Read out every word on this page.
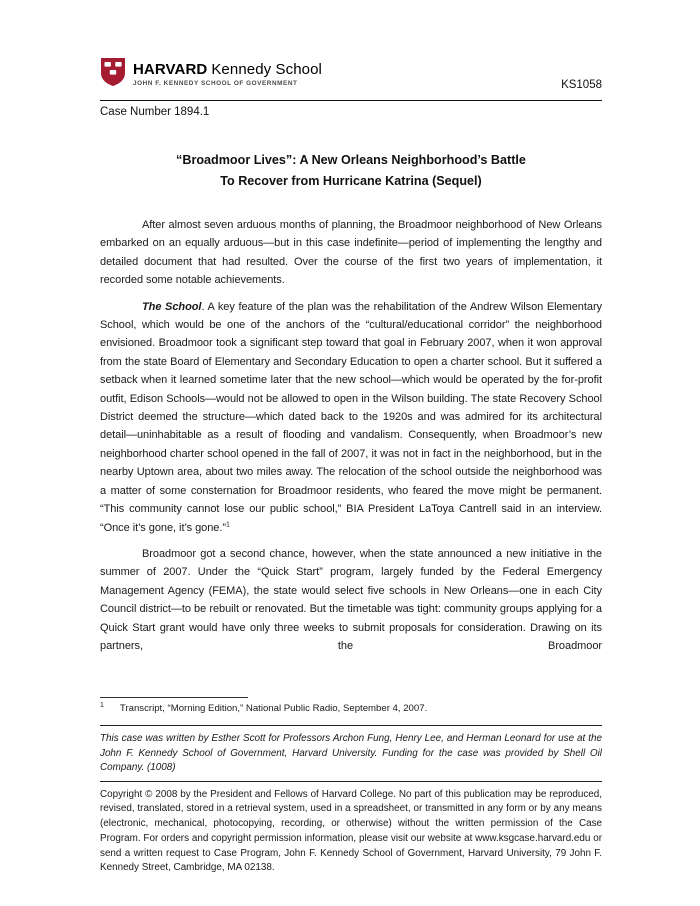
HARVARD Kennedy School
JOHN F. KENNEDY SCHOOL OF GOVERNMENT	KS1058
Case Number 1894.1
“Broadmoor Lives”: A New Orleans Neighborhood’s Battle
To Recover from Hurricane Katrina (Sequel)

After almost seven arduous months of planning, the Broadmoor neighborhood of New Orleans embarked on an equally arduous—but in this case indefinite—period of implementing the lengthy and detailed document that had resulted. Over the course of the first two years of implementation, it recorded some notable achievements.

The School. A key feature of the plan was the rehabilitation of the Andrew Wilson Elementary School, which would be one of the anchors of the “cultural/educational corridor” the neighborhood envisioned. Broadmoor took a significant step toward that goal in February 2007, when it won approval from the state Board of Elementary and Secondary Education to open a charter school. But it suffered a setback when it learned sometime later that the new school—which would be operated by the for-profit outfit, Edison Schools—would not be allowed to open in the Wilson building. The state Recovery School District deemed the structure—which dated back to the 1920s and was admired for its architectural detail—uninhabitable as a result of flooding and vandalism. Consequently, when Broadmoor’s new neighborhood charter school opened in the fall of 2007, it was not in fact in the neighborhood, but in the nearby Uptown area, about two miles away. The relocation of the school outside the neighborhood was a matter of some consternation for Broadmoor residents, who feared the move might be permanent. “This community cannot lose our public school,” BIA President LaToya Cantrell said in an interview. “Once it’s gone, it’s gone.”$^1$

Broadmoor got a second chance, however, when the state announced a new initiative in the summer of 2007. Under the “Quick Start” program, largely funded by the Federal Emergency Management Agency (FEMA), the state would select five schools in New Orleans—one in each City Council district—to be rebuilt or renovated. But the timetable was tight: community groups applying for a Quick Start grant would have only three weeks to submit proposals for consideration. Drawing on its partners, the Broadmoor

$^1$ Transcript, “Morning Edition,” National Public Radio, September 4, 2007.

This case was written by Esther Scott for Professors Archon Fung, Henry Lee, and Herman Leonard for use at the John F. Kennedy School of Government, Harvard University. Funding for the case was provided by Shell Oil Company. (1008)

Copyright © 2008 by the President and Fellows of Harvard College. No part of this publication may be reproduced, revised, translated, stored in a retrieval system, used in a spreadsheet, or transmitted in any form or by any means (electronic, mechanical, photocopying, recording, or otherwise) without the written permission of the Case Program. For orders and copyright permission information, please visit our website at www.ksgcase.harvard.edu or send a written request to Case Program, John F. Kennedy School of Government, Harvard University, 79 John F. Kennedy Street, Cambridge, MA 02138.
